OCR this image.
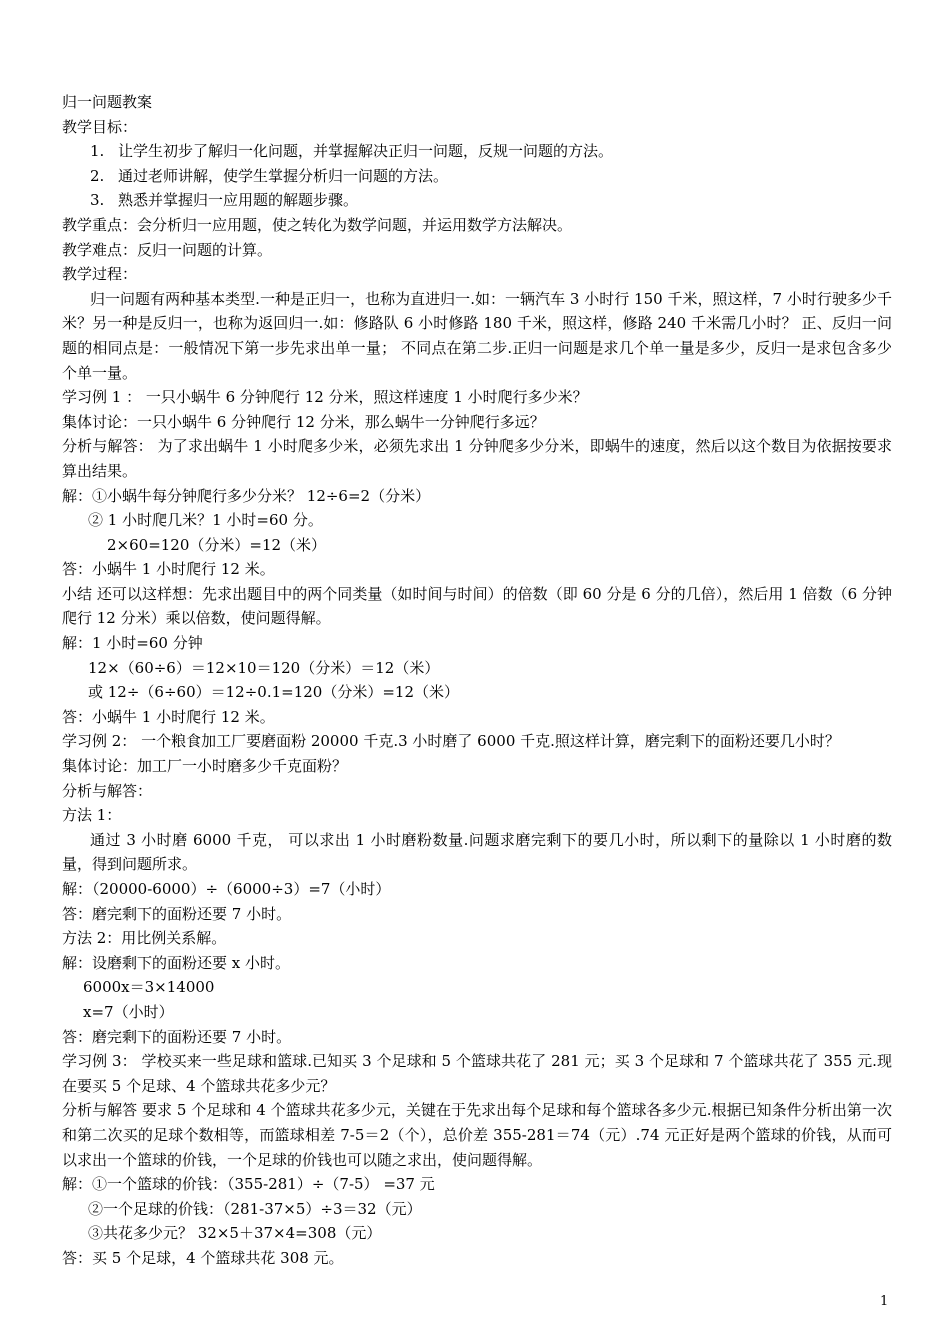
归一问题教案
教学目标：
1. 让学生初步了解归一化问题，并掌握解决正归一问题，反规一问题的方法。
2. 通过老师讲解，使学生掌握分析归一问题的方法。
3. 熟悉并掌握归一应用题的解题步骤。
教学重点：会分析归一应用题，使之转化为数学问题，并运用数学方法解决。
教学难点：反归一问题的计算。
教学过程：
归一问题有两种基本类型.一种是正归一，也称为直进归一.如：一辆汽车 3 小时行 150 千米，照这样，7 小时行驶多少千米？另一种是反归一，也称为返回归一.如：修路队 6 小时修路 180 千米，照这样，修路 240 千米需几小时？ 正、反归一问题的相同点是：一般情况下第一步先求出单一量； 不同点在第二步.正归一问题是求几个单一量是多少，反归一是求包含多少个单一量。
学习例 1 ： 一只小蜗牛 6 分钟爬行 12 分米，照这样速度 1 小时爬行多少米？
集体讨论：一只小蜗牛 6 分钟爬行 12 分米，那么蜗牛一分钟爬行多远？
分析与解答： 为了求出蜗牛 1 小时爬多少米，必须先求出 1 分钟爬多少分米，即蜗牛的速度，然后以这个数目为依据按要求算出结果。
解：①小蜗牛每分钟爬行多少分米？ 12÷6=2（分米）
② 1 小时爬几米？1 小时=60 分。
2×60=120（分米）=12（米）
答：小蜗牛 1 小时爬行 12 米。
小结 还可以这样想：先求出题目中的两个同类量（如时间与时间）的倍数（即 60 分是 6 分的几倍），然后用 1 倍数（6 分钟爬行 12 分米）乘以倍数，使问题得解。
解：1 小时=60 分钟
12×（60÷6）＝12×10＝120（分米）＝12（米）
或 12÷（6÷60）＝12÷0.1=120（分米）=12（米）
答：小蜗牛 1 小时爬行 12 米。
学习例 2： 一个粮食加工厂要磨面粉 20000 千克.3 小时磨了 6000 千克.照这样计算，磨完剩下的面粉还要几小时？
集体讨论：加工厂一小时磨多少千克面粉？
分析与解答：
方法 1：
通过 3 小时磨 6000 千克， 可以求出 1 小时磨粉数量.问题求磨完剩下的要几小时，所以剩下的量除以 1 小时磨的数量，得到问题所求。
解：（20000-6000）÷（6000÷3）=7（小时）
答：磨完剩下的面粉还要 7 小时。
方法 2：用比例关系解。
解：设磨剩下的面粉还要 x 小时。
6000x＝3×14000
x=7（小时）
答：磨完剩下的面粉还要 7 小时。
学习例 3： 学校买来一些足球和篮球.已知买 3 个足球和 5 个篮球共花了 281 元；买 3 个足球和 7 个篮球共花了 355 元.现在要买 5 个足球、4 个篮球共花多少元？
分析与解答 要求 5 个足球和 4 个篮球共花多少元，关键在于先求出每个足球和每个篮球各多少元.根据已知条件分析出第一次和第二次买的足球个数相等，而篮球相差 7-5＝2（个），总价差 355-281＝74（元）.74 元正好是两个篮球的价钱，从而可以求出一个篮球的价钱，一个足球的价钱也可以随之求出，使问题得解。
解：①一个篮球的价钱：（355-281）÷（7-5） =37 元
②一个足球的价钱：（281-37×5）÷3＝32（元）
③共花多少元？ 32×5＋37×4=308（元）
答：买 5 个足球，4 个篮球共花 308 元。
1
